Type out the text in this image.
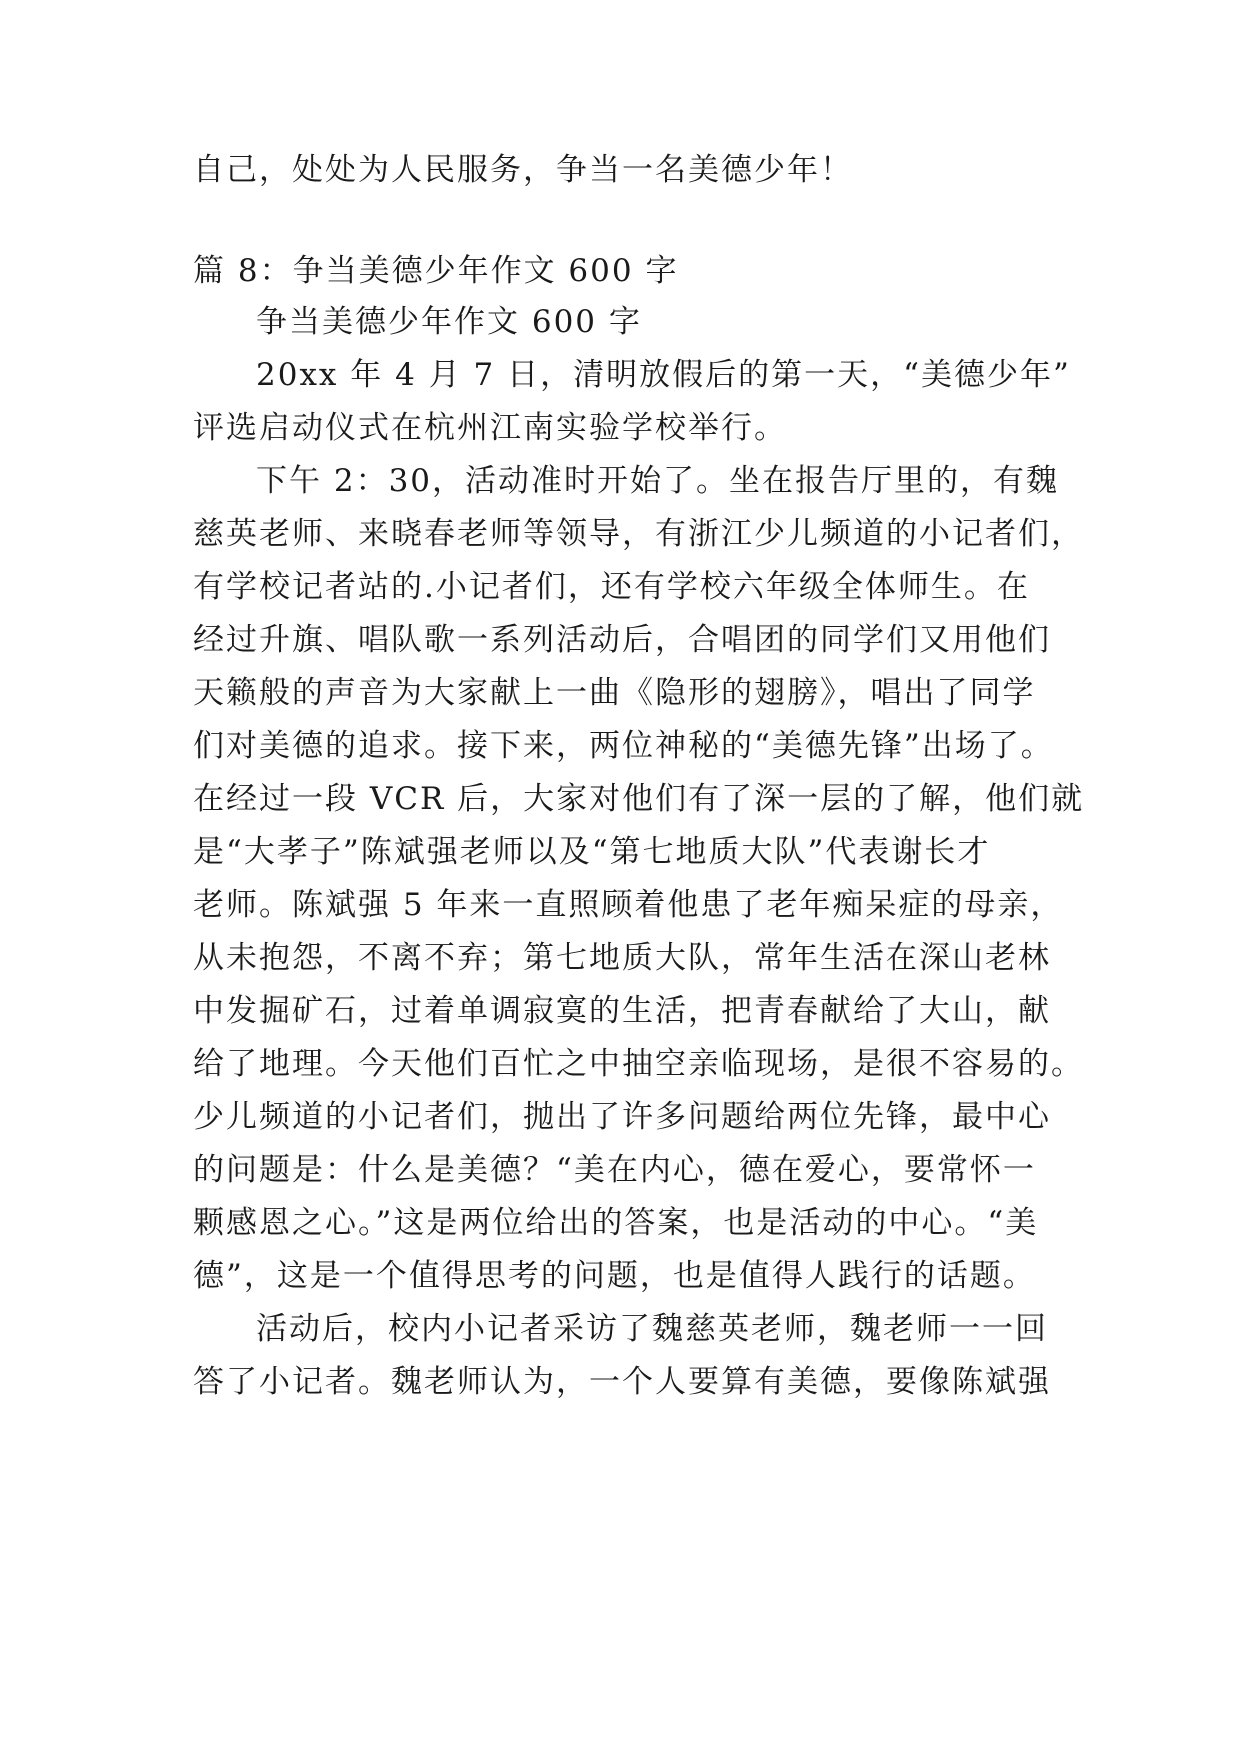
自己，处处为人民服务，争当一名美德少年！
篇 8：争当美德少年作文 600 字
争当美德少年作文 600 字
20xx 年 4 月 7 日，清明放假后的第一天，“美德少年”
评选启动仪式在杭州江南实验学校举行。
下午 2：30，活动准时开始了。坐在报告厅里的，有魏
慈英老师、来晓春老师等领导，有浙江少儿频道的小记者们，
有学校记者站的.小记者们，还有学校六年级全体师生。在
经过升旗、唱队歌一系列活动后，合唱团的同学们又用他们
天籁般的声音为大家献上一曲《隐形的翅膀》，唱出了同学
们对美德的追求。接下来，两位神秘的“美德先锋”出场了。
在经过一段 VCR 后，大家对他们有了深一层的了解，他们就
是“大孝子”陈斌强老师以及“第七地质大队”代表谢长才
老师。陈斌强 5 年来一直照顾着他患了老年痴呆症的母亲，
从未抱怨，不离不弃；第七地质大队，常年生活在深山老林
中发掘矿石，过着单调寂寞的生活，把青春献给了大山，献
给了地理。今天他们百忙之中抽空亲临现场，是很不容易的。
少儿频道的小记者们，抛出了许多问题给两位先锋，最中心
的问题是：什么是美德？“美在内心，德在爱心，要常怀一
颗感恩之心。”这是两位给出的答案，也是活动的中心。“美
德”，这是一个值得思考的问题，也是值得人践行的话题。
活动后，校内小记者采访了魏慈英老师，魏老师一一回
答了小记者。魏老师认为，一个人要算有美德，要像陈斌强
